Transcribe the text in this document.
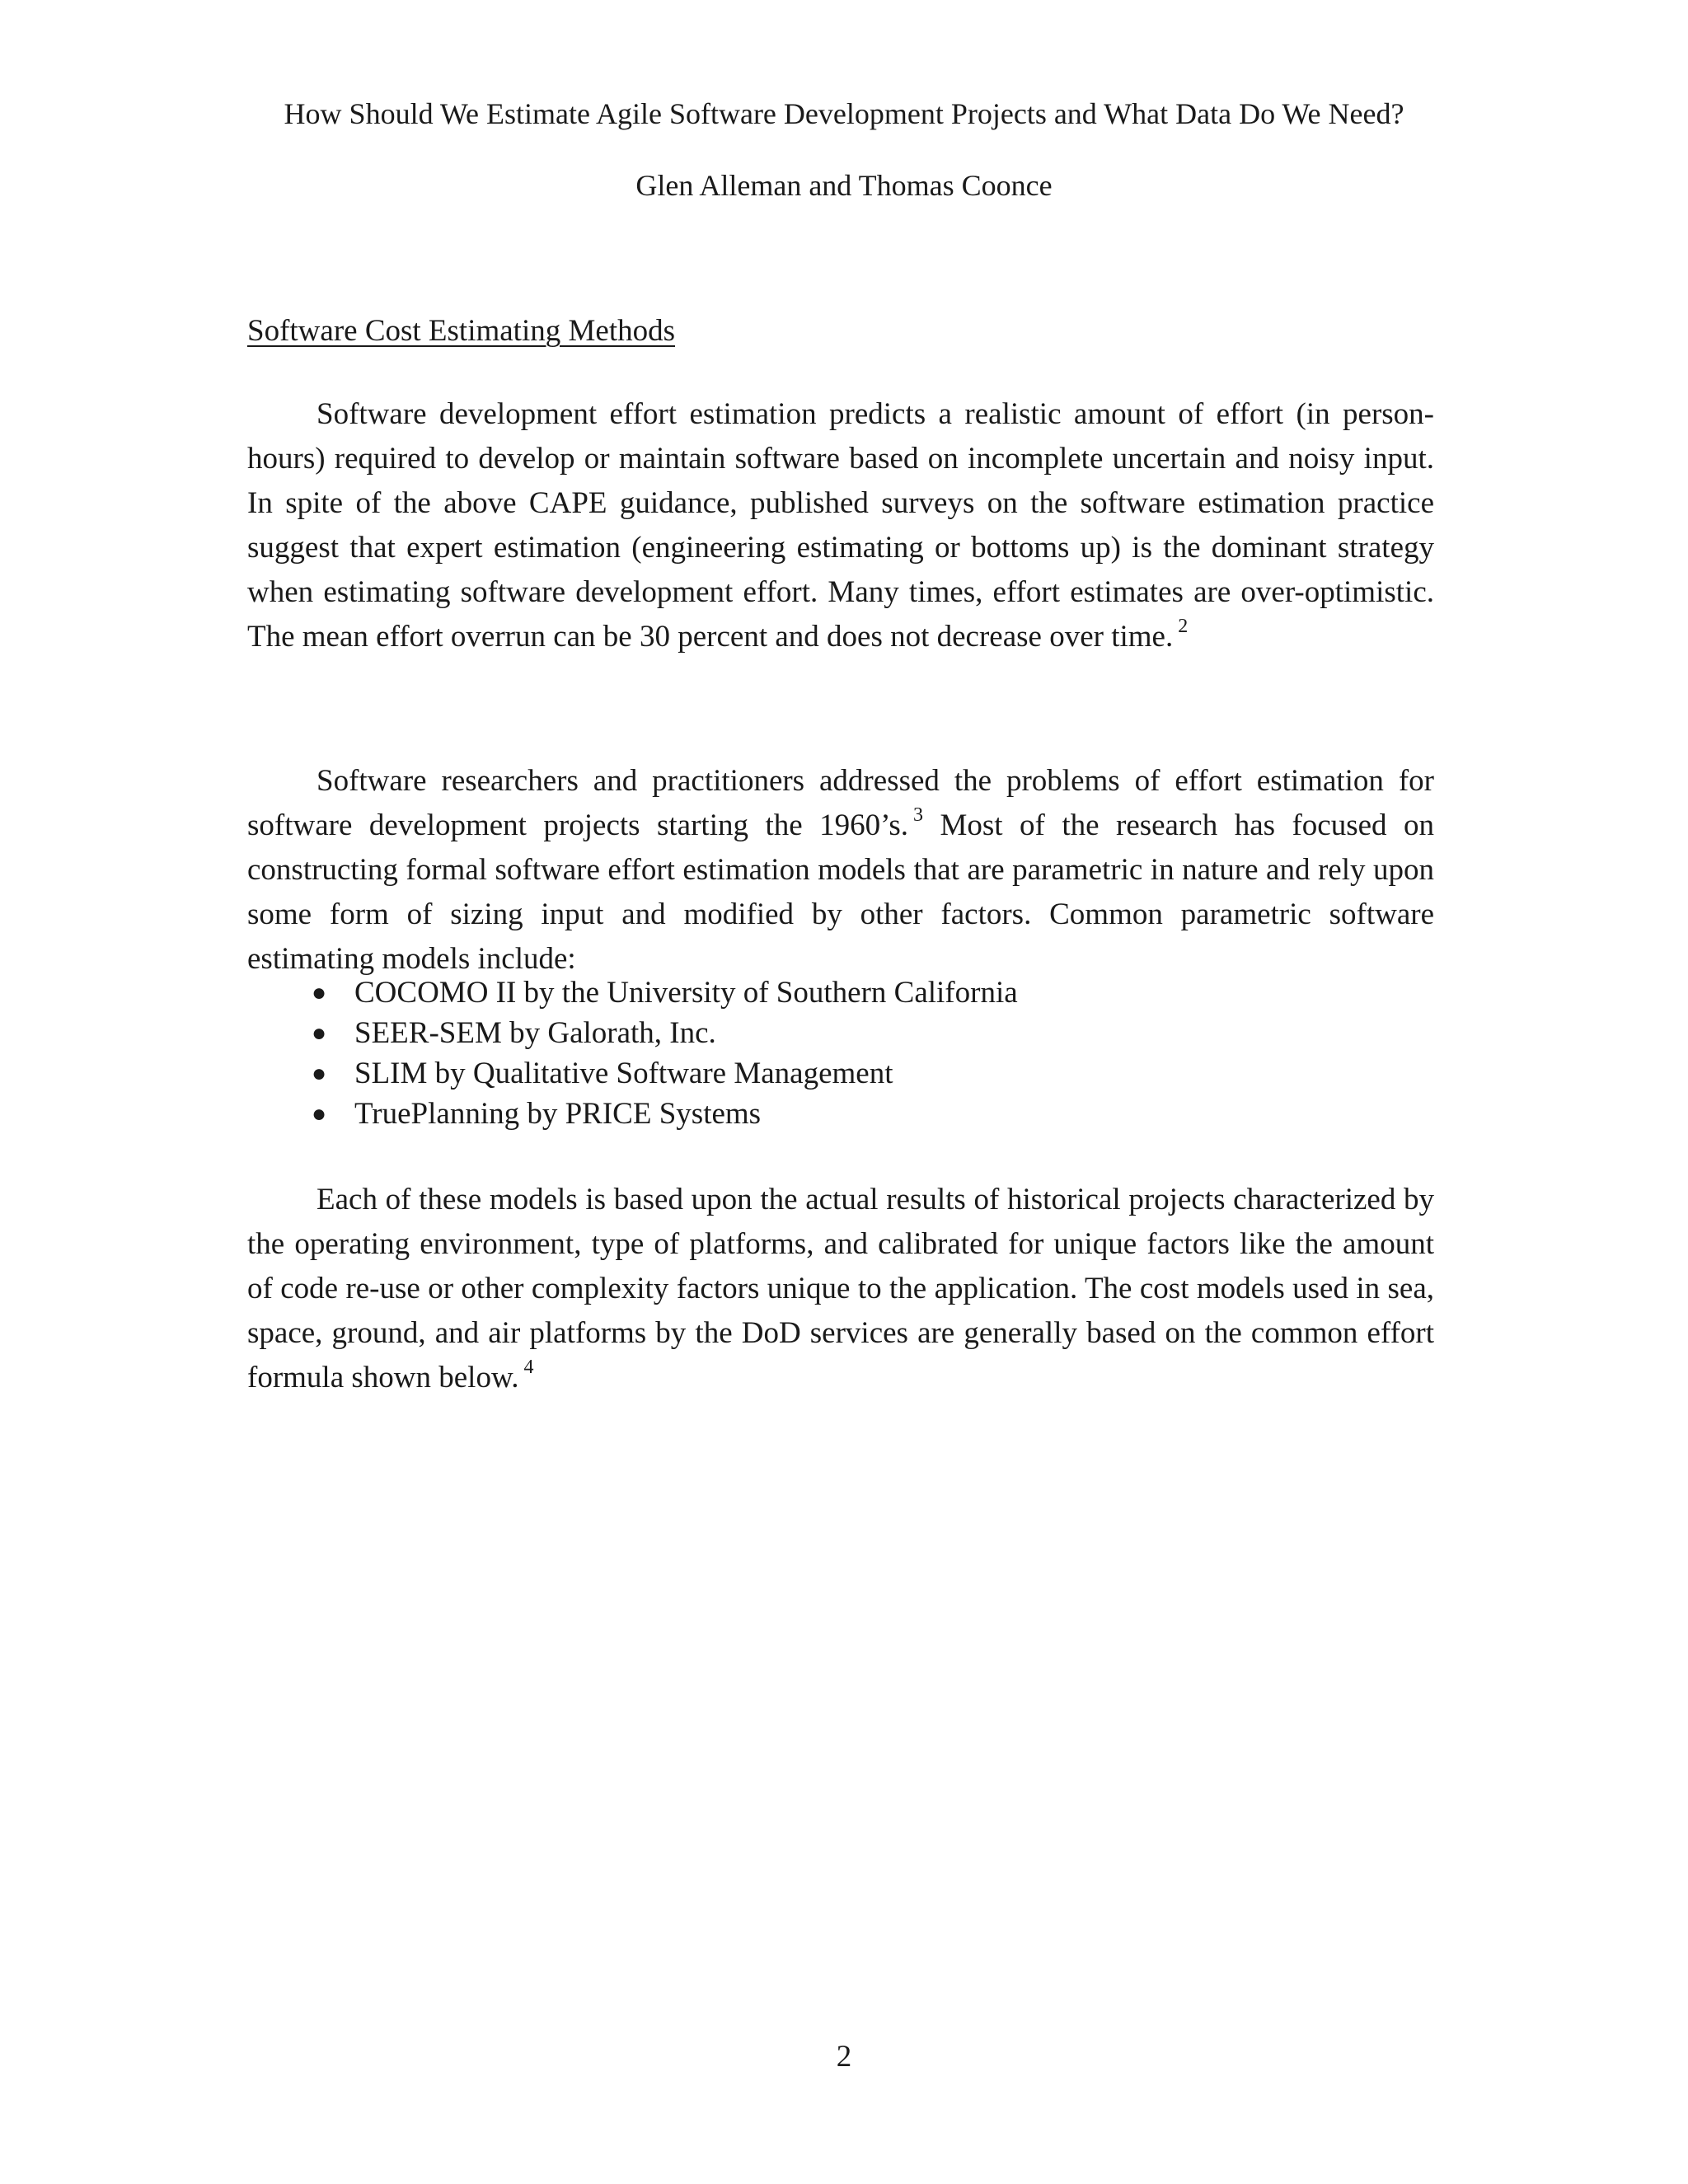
How Should We Estimate Agile Software Development Projects and What Data Do We Need?
Glen Alleman and Thomas Coonce
Software Cost Estimating Methods

Software development effort estimation predicts a realistic amount of effort (in person-hours) required to develop or maintain software based on incomplete uncertain and noisy input. In spite of the above CAPE guidance, published surveys on the software estimation practice suggest that expert estimation (engineering estimating or bottoms up) is the dominant strategy when estimating software development effort. Many times, effort estimates are over-optimistic. The mean effort overrun can be 30 percent and does not decrease over time. $^2$

Software researchers and practitioners addressed the problems of effort estimation for software development projects starting the 1960’s. $^3$ Most of the research has focused on constructing formal software effort estimation models that are parametric in nature and rely upon some form of sizing input and modified by other factors. Common parametric software estimating models include:

● COCOMO II by the University of Southern California
● SEER-SEM by Galorath, Inc.
● SLIM by Qualitative Software Management
● TruePlanning by PRICE Systems

Each of these models is based upon the actual results of historical projects characterized by the operating environment, type of platforms, and calibrated for unique factors like the amount of code re-use or other complexity factors unique to the application. The cost models used in sea, space, ground, and air platforms by the DoD services are generally based on the common effort formula shown below. $^4$

2
